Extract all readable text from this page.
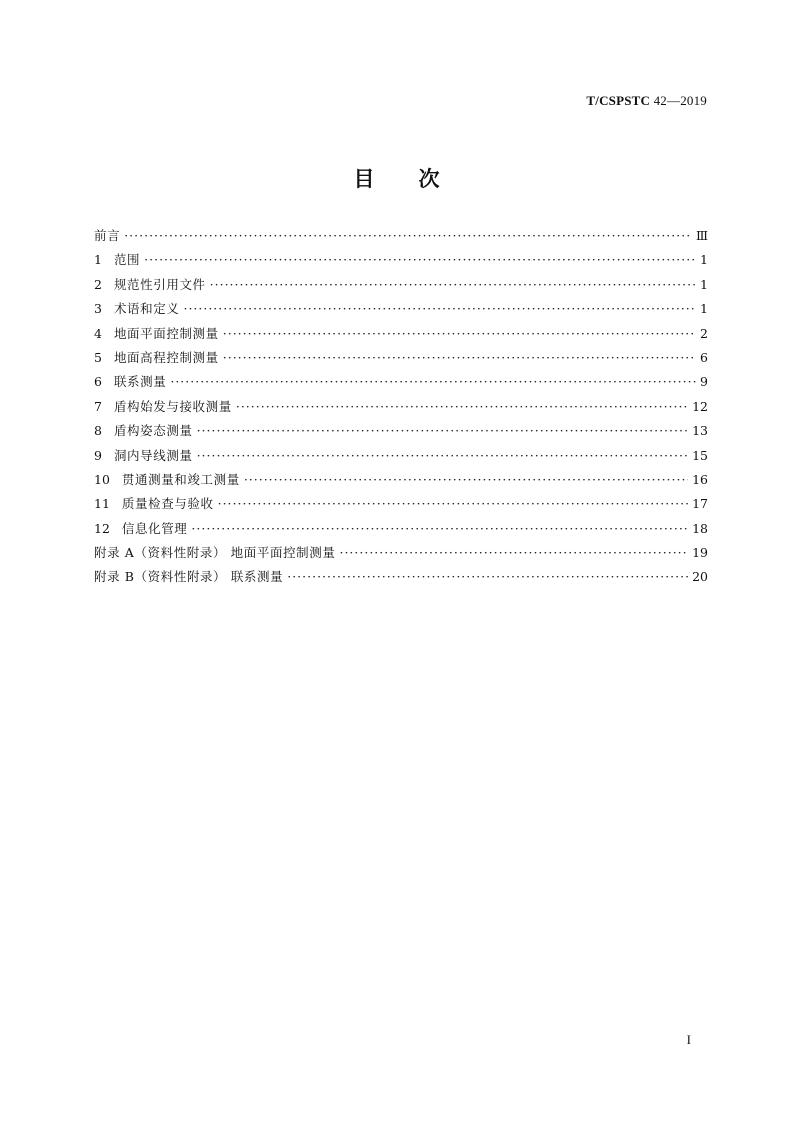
T/CSPSTC 42—2019
目次
前言 ·····	Ⅲ
1 范围 ·····	1
2 规范性引用文件 ·····	1
3 术语和定义 ·····	1
4 地面平面控制测量 ·····	2
5 地面高程控制测量 ·····	6
6 联系测量 ·····	9
7 盾构始发与接收测量 ·····	12
8 盾构姿态测量 ·····	13
9 洞内导线测量 ·····	15
10 贯通测量和竣工测量 ·····	16
11 质量检查与验收 ·····	17
12 信息化管理 ·····	18
附录 A（资料性附录） 地面平面控制测量 ·····	19
附录 B（资料性附录） 联系测量 ·····	20
I
